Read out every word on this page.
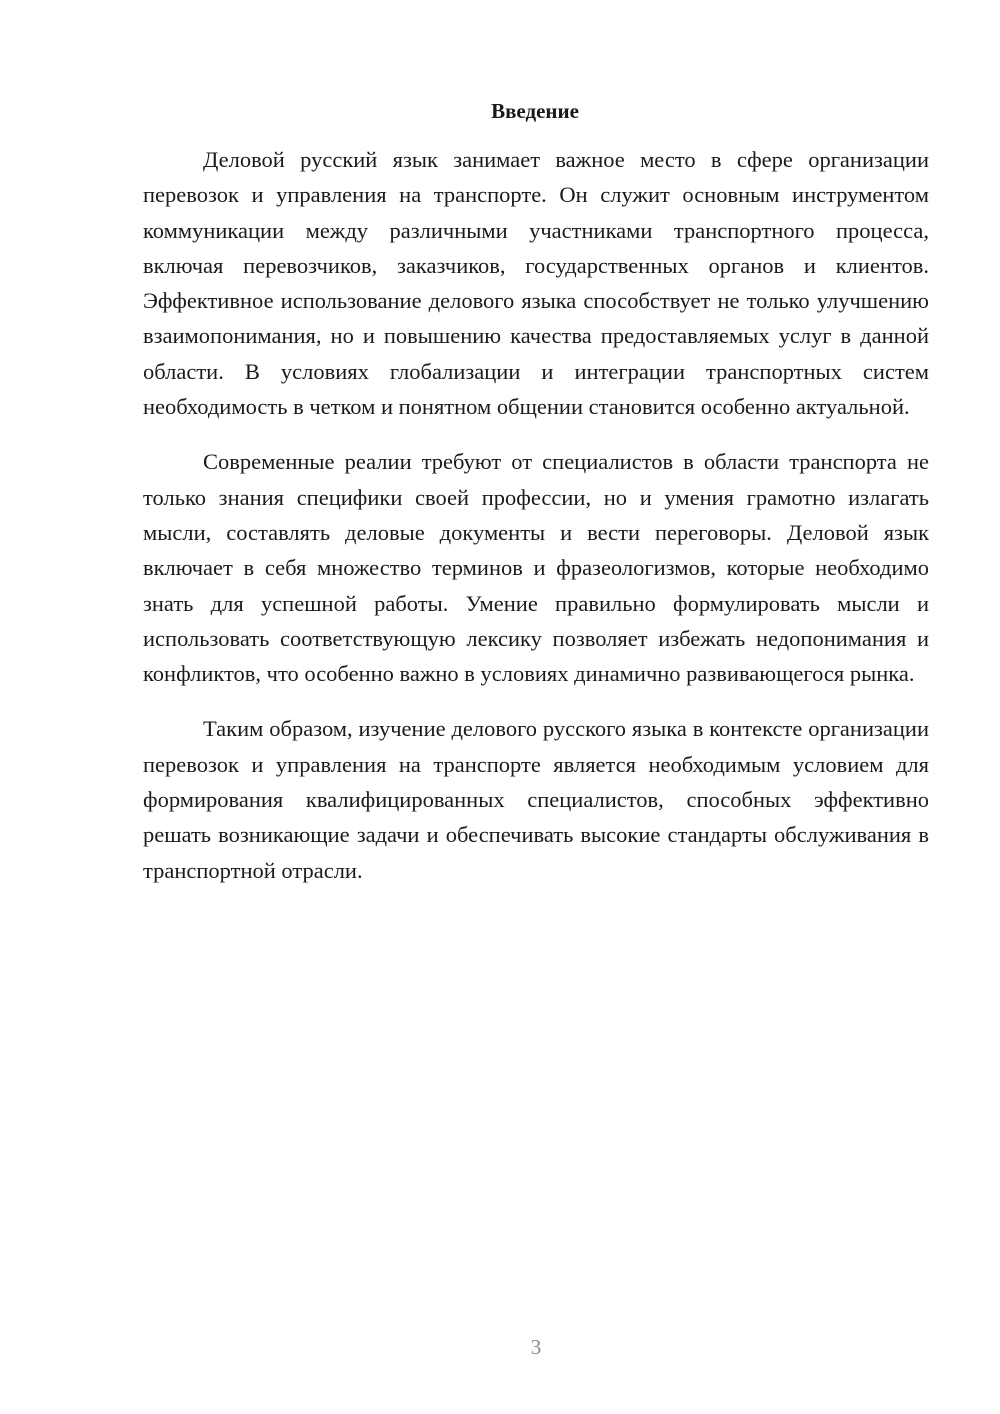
Введение

Деловой русский язык занимает важное место в сфере организации перевозок и управления на транспорте. Он служит основным инструментом коммуникации между различными участниками транспортного процесса, включая перевозчиков, заказчиков, государственных органов и клиентов. Эффективное использование делового языка способствует не только улучшению взаимопонимания, но и повышению качества предоставляемых услуг в данной области. В условиях глобализации и интеграции транспортных систем необходимость в четком и понятном общении становится особенно актуальной.

Современные реалии требуют от специалистов в области транспорта не только знания специфики своей профессии, но и умения грамотно излагать мысли, составлять деловые документы и вести переговоры. Деловой язык включает в себя множество терминов и фразеологизмов, которые необходимо знать для успешной работы. Умение правильно формулировать мысли и использовать соответствующую лексику позволяет избежать недопонимания и конфликтов, что особенно важно в условиях динамично развивающегося рынка.

Таким образом, изучение делового русского языка в контексте организации перевозок и управления на транспорте является необходимым условием для формирования квалифицированных специалистов, способных эффективно решать возникающие задачи и обеспечивать высокие стандарты обслуживания в транспортной отрасли.

3
